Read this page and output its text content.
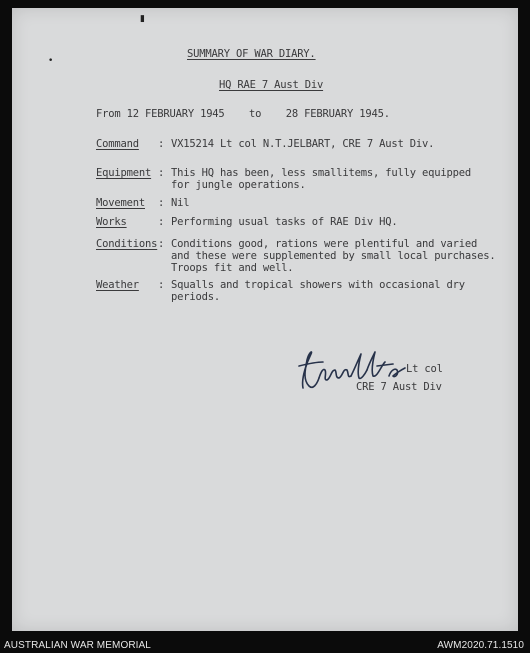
▮
•
SUMMARY OF WAR DIARY.
HQ RAE 7 Aust Div
From 12 FEBRUARY 1945    to    28 FEBRUARY 1945.
Command : VX15214 Lt col N.T.JELBART, CRE 7 Aust Div.
Equipment : This HQ has been, less smallitems, fully equipped
for jungle operations.
Movement : Nil
Works	: Performing usual tasks of RAE Div HQ.
Conditions : Conditions good, rations were plentiful and varied
and these were supplemented by small local purchases.
Troops fit and well.
Weather : Squalls and tropical showers with occasional dry
periods.
Lt col
CRE 7 Aust Div
AUSTRALIAN WAR MEMORIAL	AWM2020.71.1510
